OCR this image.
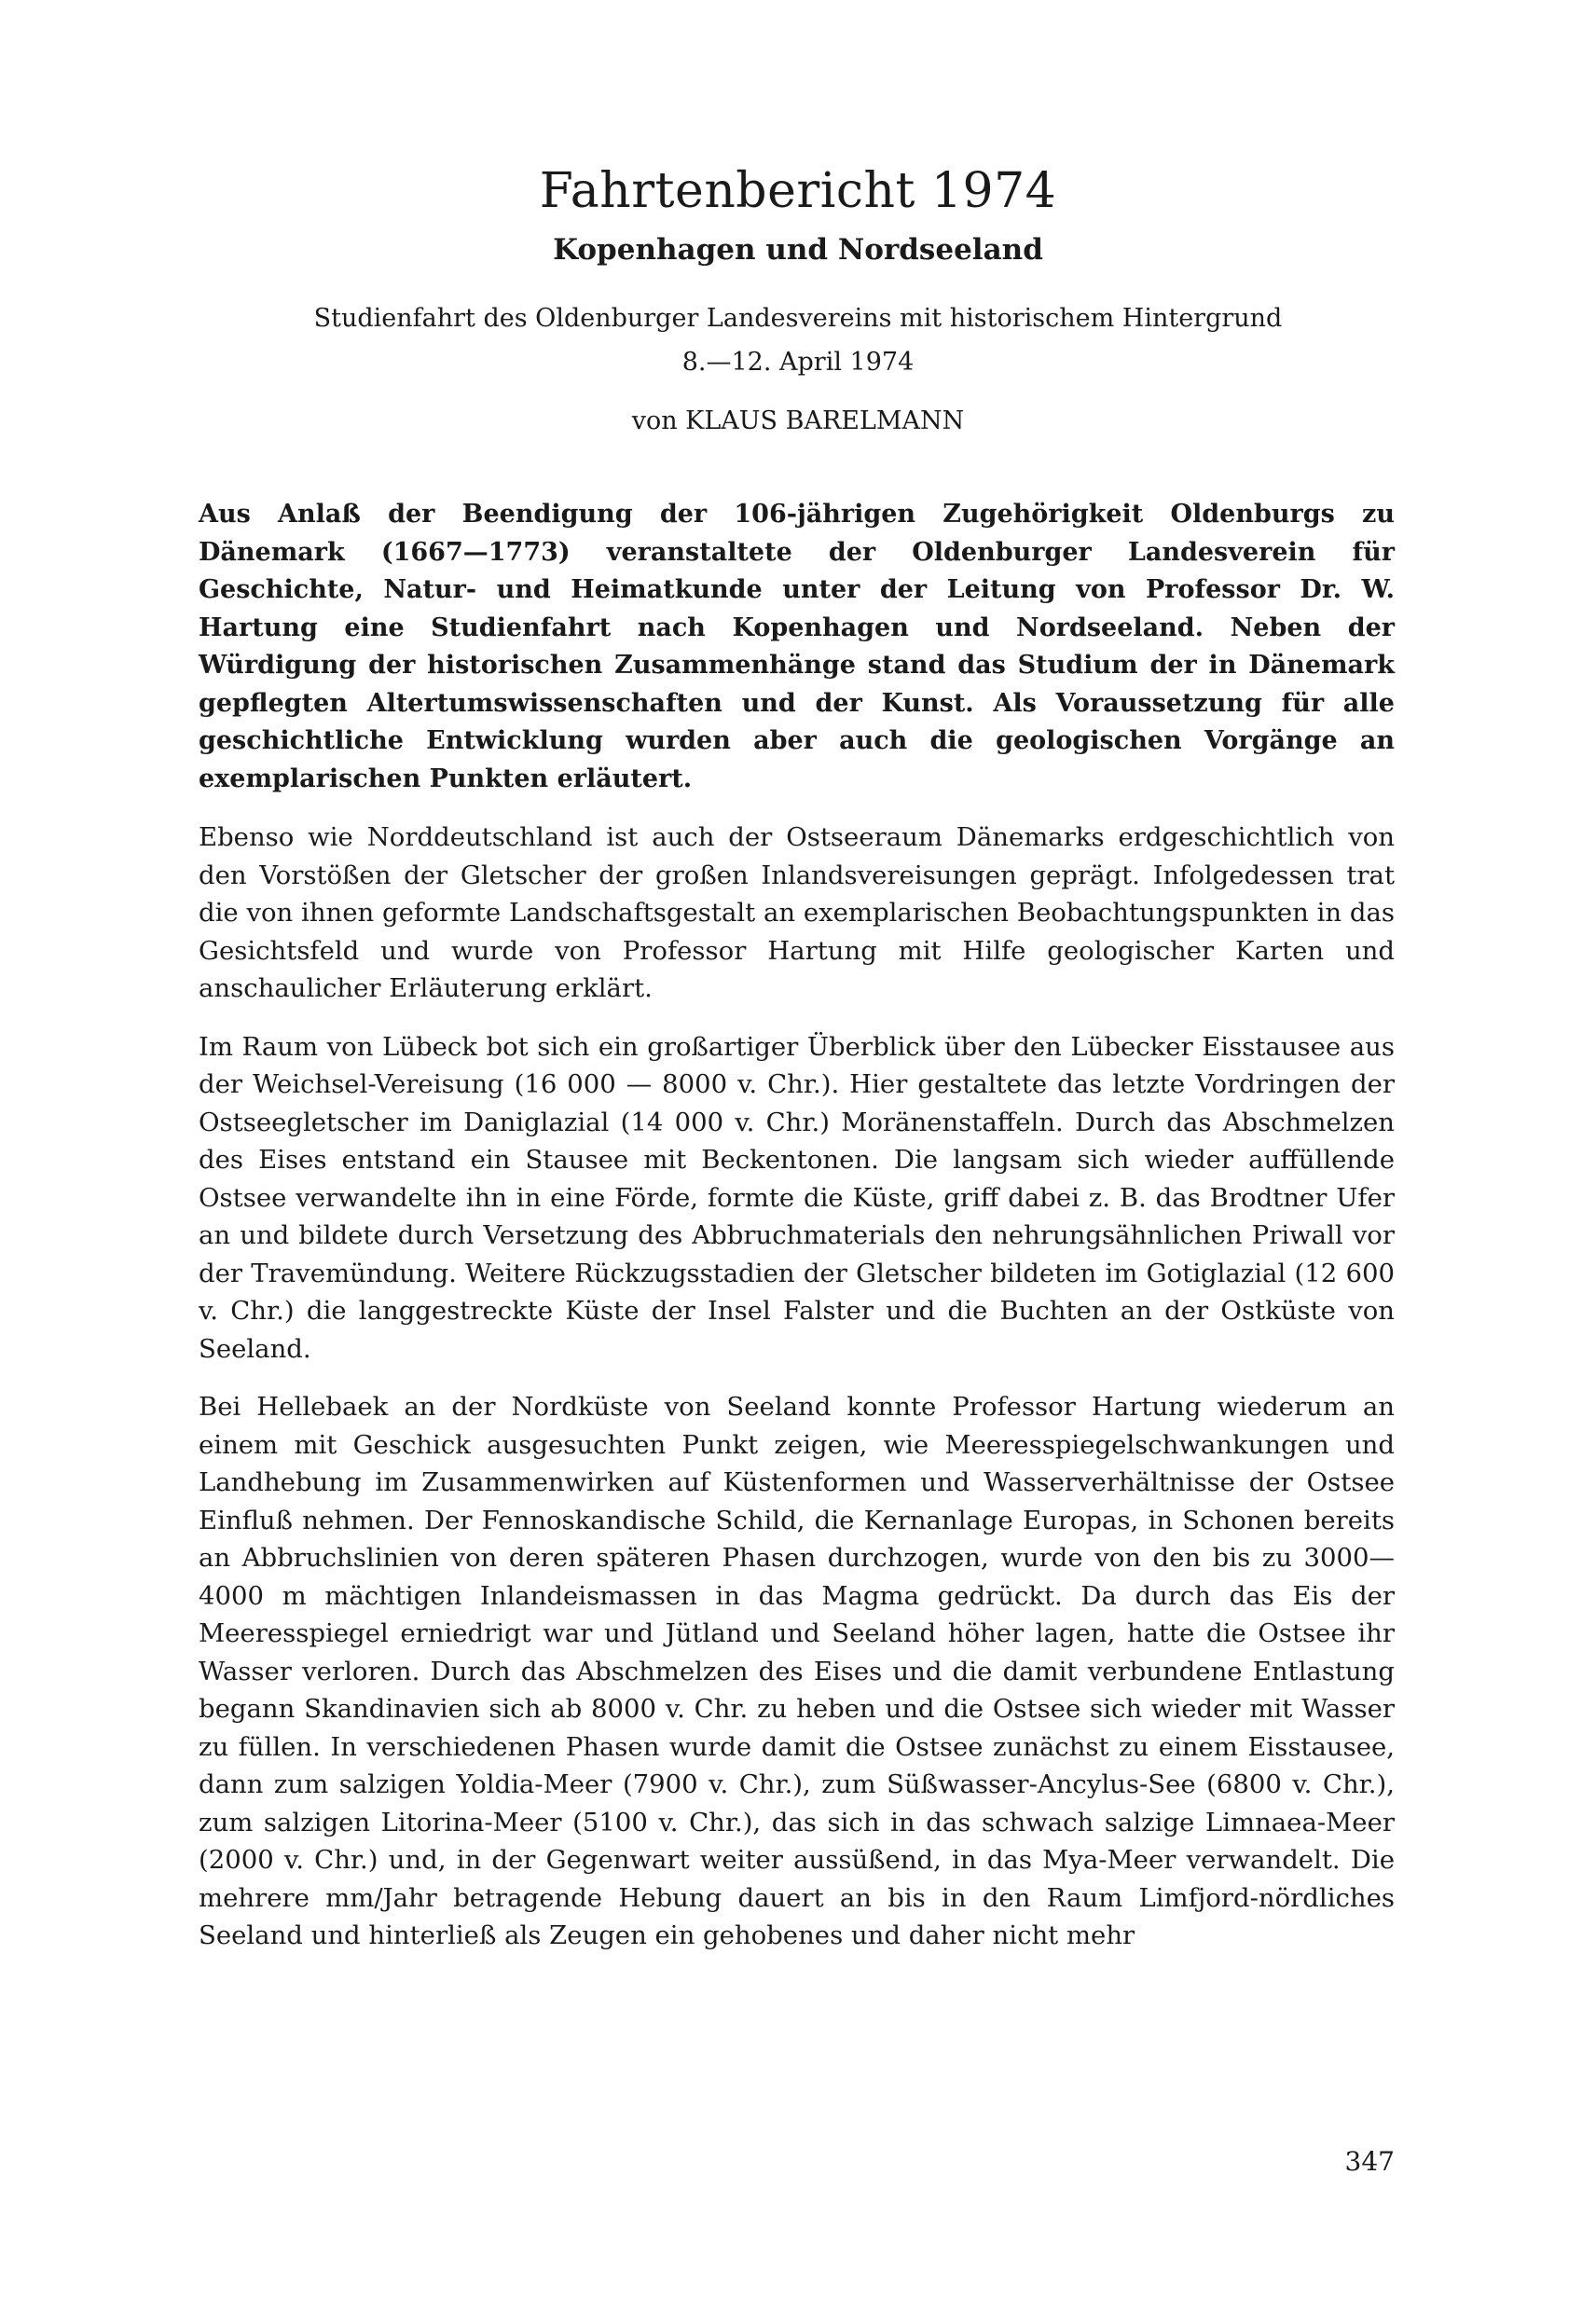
Fahrtenbericht 1974
Kopenhagen und Nordseeland
Studienfahrt des Oldenburger Landesvereins mit historischem Hintergrund
8.—12. April 1974
von KLAUS BARELMANN

Aus Anlaß der Beendigung der 106-jährigen Zugehörigkeit Oldenburgs zu Dänemark (1667—1773) veranstaltete der Oldenburger Landesverein für Geschichte, Natur- und Heimatkunde unter der Leitung von Professor Dr. W. Hartung eine Studienfahrt nach Kopenhagen und Nordseeland. Neben der Würdigung der historischen Zusammenhänge stand das Studium der in Dänemark gepflegten Altertumswissenschaften und der Kunst. Als Voraussetzung für alle geschichtliche Entwicklung wurden aber auch die geologischen Vorgänge an exemplarischen Punkten erläutert.

Ebenso wie Norddeutschland ist auch der Ostseeraum Dänemarks erdgeschichtlich von den Vorstößen der Gletscher der großen Inlandsvereisungen geprägt. Infolgedessen trat die von ihnen geformte Landschaftsgestalt an exemplarischen Beobachtungspunkten in das Gesichtsfeld und wurde von Professor Hartung mit Hilfe geologischer Karten und anschaulicher Erläuterung erklärt.

Im Raum von Lübeck bot sich ein großartiger Überblick über den Lübecker Eisstausee aus der Weichsel-Vereisung (16 000 — 8000 v. Chr.). Hier gestaltete das letzte Vordringen der Ostseegletscher im Daniglazial (14 000 v. Chr.) Moränenstaffeln. Durch das Abschmelzen des Eises entstand ein Stausee mit Beckentonen. Die langsam sich wieder auffüllende Ostsee verwandelte ihn in eine Förde, formte die Küste, griff dabei z. B. das Brodtner Ufer an und bildete durch Versetzung des Abbruchmaterials den nehrungsähnlichen Priwall vor der Travemündung. Weitere Rückzugsstadien der Gletscher bildeten im Gotiglazial (12 600 v. Chr.) die langgestreckte Küste der Insel Falster und die Buchten an der Ostküste von Seeland.

Bei Hellebaek an der Nordküste von Seeland konnte Professor Hartung wiederum an einem mit Geschick ausgesuchten Punkt zeigen, wie Meeresspiegelschwankungen und Landhebung im Zusammenwirken auf Küstenformen und Wasserverhältnisse der Ostsee Einfluß nehmen. Der Fennoskandische Schild, die Kernanlage Europas, in Schonen bereits an Abbruchslinien von deren späteren Phasen durchzogen, wurde von den bis zu 3000—4000 m mächtigen Inlandeismassen in das Magma gedrückt. Da durch das Eis der Meeresspiegel erniedrigt war und Jütland und Seeland höher lagen, hatte die Ostsee ihr Wasser verloren. Durch das Abschmelzen des Eises und die damit verbundene Entlastung begann Skandinavien sich ab 8000 v. Chr. zu heben und die Ostsee sich wieder mit Wasser zu füllen. In verschiedenen Phasen wurde damit die Ostsee zunächst zu einem Eisstausee, dann zum salzigen Yoldia-Meer (7900 v. Chr.), zum Süßwasser-Ancylus-See (6800 v. Chr.), zum salzigen Litorina-Meer (5100 v. Chr.), das sich in das schwach salzige Limnaea-Meer (2000 v. Chr.) und, in der Gegenwart weiter aussüßend, in das Mya-Meer verwandelt. Die mehrere mm/Jahr betragende Hebung dauert an bis in den Raum Limfjord-nördliches Seeland und hinterließ als Zeugen ein gehobenes und daher nicht mehr

347
